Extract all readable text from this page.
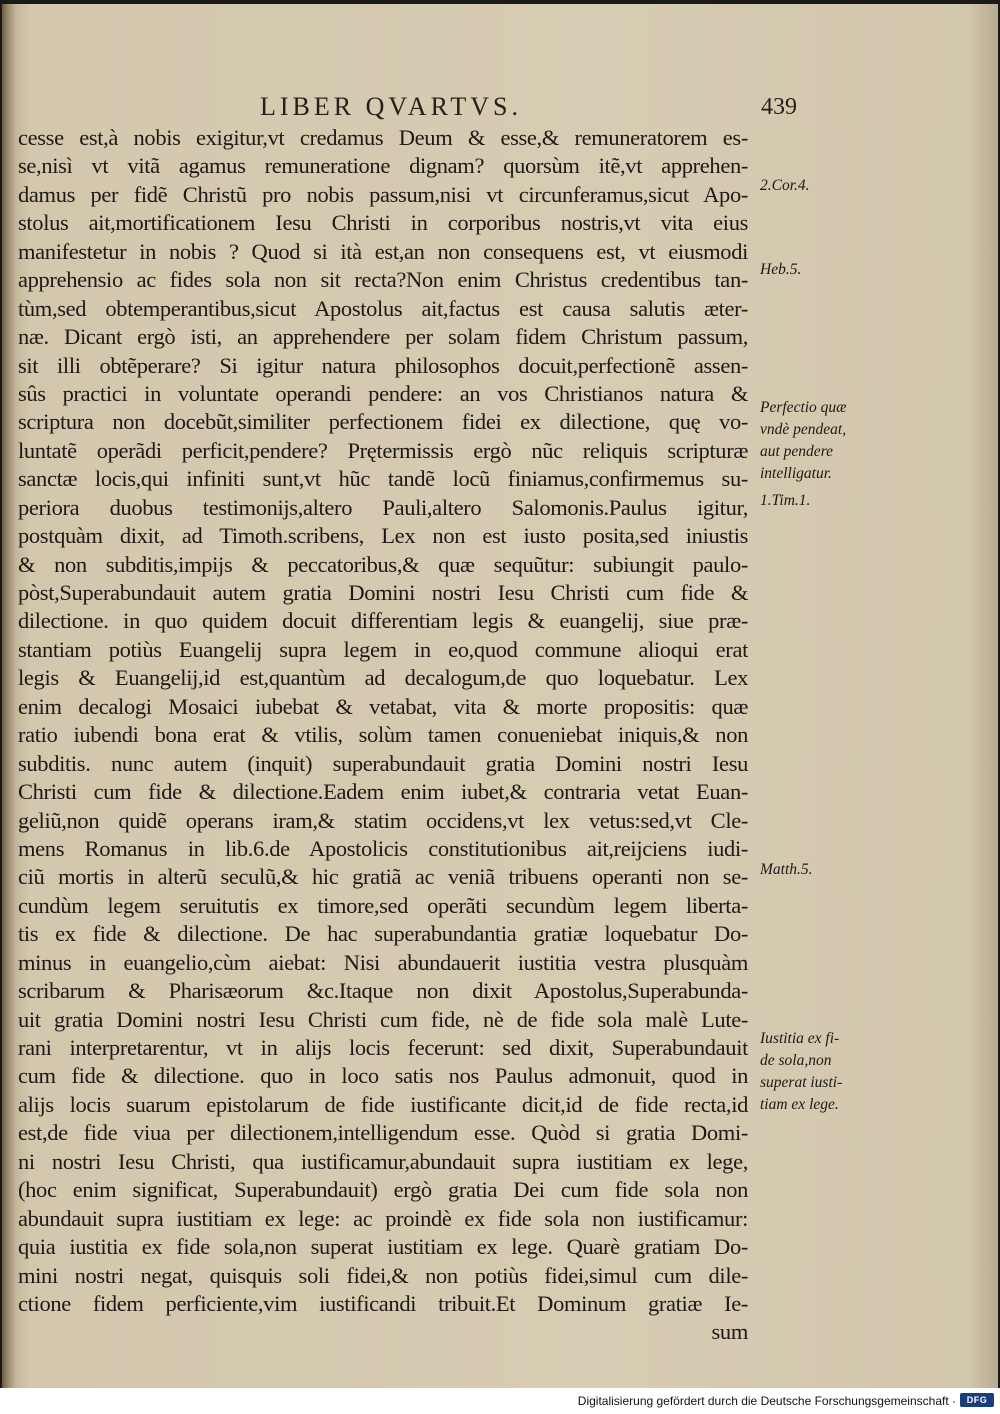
LIBER QVARTVS.	439
cesse est,à nobis exigitur,vt credamus Deum & esse,& remuneratorem es-
se,nisì vt vitã agamus remuneratione dignam? quorsùm itẽ,vt apprehen-
damus per fidẽ Christũ pro nobis passum,nisi vt circunferamus,sicut Apo-
stolus ait,mortificationem Iesu Christi in corporibus nostris,vt vita eius
manifestetur in nobis ? Quod si ità est,an non consequens est, vt eiusmodi
apprehensio ac fides sola non sit recta?Non enim Christus credentibus tan-
tùm,sed obtemperantibus,sicut Apostolus ait,factus est causa salutis æter-
næ. Dicant ergò isti, an apprehendere per solam fidem Christum passum,
sit illi obtẽperare? Si igitur natura philosophos docuit,perfectionẽ assen-
sûs practici in voluntate operandi pendere: an vos Christianos natura &
scriptura non docebũt,similiter perfectionem fidei ex dilectione, quę vo-
luntatẽ operãdi perficit,pendere? Prętermissis ergò nũc reliquis scripturæ
sanctæ locis,qui infiniti sunt,vt hũc tandẽ locũ finiamus,confirmemus su-
periora duobus testimonijs,altero Pauli,altero Salomonis.Paulus igitur,
postquàm dixit, ad Timoth.scribens, Lex non est iusto posita,sed iniustis
& non subditis,impijs & peccatoribus,& quæ sequũtur: subiungit paulo-
pòst,Superabundauit autem gratia Domini nostri Iesu Christi cum fide &
dilectione. in quo quidem docuit differentiam legis & euangelij, siue præ-
stantiam potiùs Euangelij supra legem in eo,quod commune alioqui erat
legis & Euangelij,id est,quantùm ad decalogum,de quo loquebatur. Lex
enim decalogi Mosaici iubebat & vetabat, vita & morte propositis: quæ
ratio iubendi bona erat & vtilis, solùm tamen conueniebat iniquis,& non
subditis. nunc autem (inquit) superabundauit gratia Domini nostri Iesu
Christi cum fide & dilectione.Eadem enim iubet,& contraria vetat Euan-
geliũ,non quidẽ operans iram,& statim occidens,vt lex vetus:sed,vt Cle-
mens Romanus in lib.6.de Apostolicis constitutionibus ait,reijciens iudi-
ciũ mortis in alterũ seculũ,& hic gratiã ac veniã tribuens operanti non se-
cundùm legem seruitutis ex timore,sed operãti secundùm legem liberta-
tis ex fide & dilectione. De hac superabundantia gratiæ loquebatur Do-
minus in euangelio,cùm aiebat: Nisi abundauerit iustitia vestra plusquàm
scribarum & Pharisæorum &c.Itaque non dixit Apostolus,Superabunda-
uit gratia Domini nostri Iesu Christi cum fide, nè de fide sola malè Lute-
rani interpretarentur, vt in alijs locis fecerunt: sed dixit, Superabundauit
cum fide & dilectione. quo in loco satis nos Paulus admonuit, quod in
alijs locis suarum epistolarum de fide iustificante dicit,id de fide recta,id
est,de fide viua per dilectionem,intelligendum esse. Quòd si gratia Domi-
ni nostri Iesu Christi, qua iustificamur,abundauit supra iustitiam ex lege,
(hoc enim significat, Superabundauit) ergò gratia Dei cum fide sola non
abundauit supra iustitiam ex lege: ac proindè ex fide sola non iustificamur:
quia iustitia ex fide sola,non superat iustitiam ex lege. Quarè gratiam Do-
mini nostri negat, quisquis soli fidei,& non potiùs fidei,simul cum dile-
ctione fidem perficiente,vim iustificandi tribuit.Et Dominum gratiæ Ie-
sum
2.Cor.4.
Heb.5.
Perfectio quæ
vndè pendeat,
aut pendere
intelligatur.
1.Tim.1.
Matth.5.
Iustitia ex fi-
de sola,non
superat iusti-
tiam ex lege.
Digitalisierung gefördert durch die Deutsche Forschungsgemeinschaft ·	DFG
